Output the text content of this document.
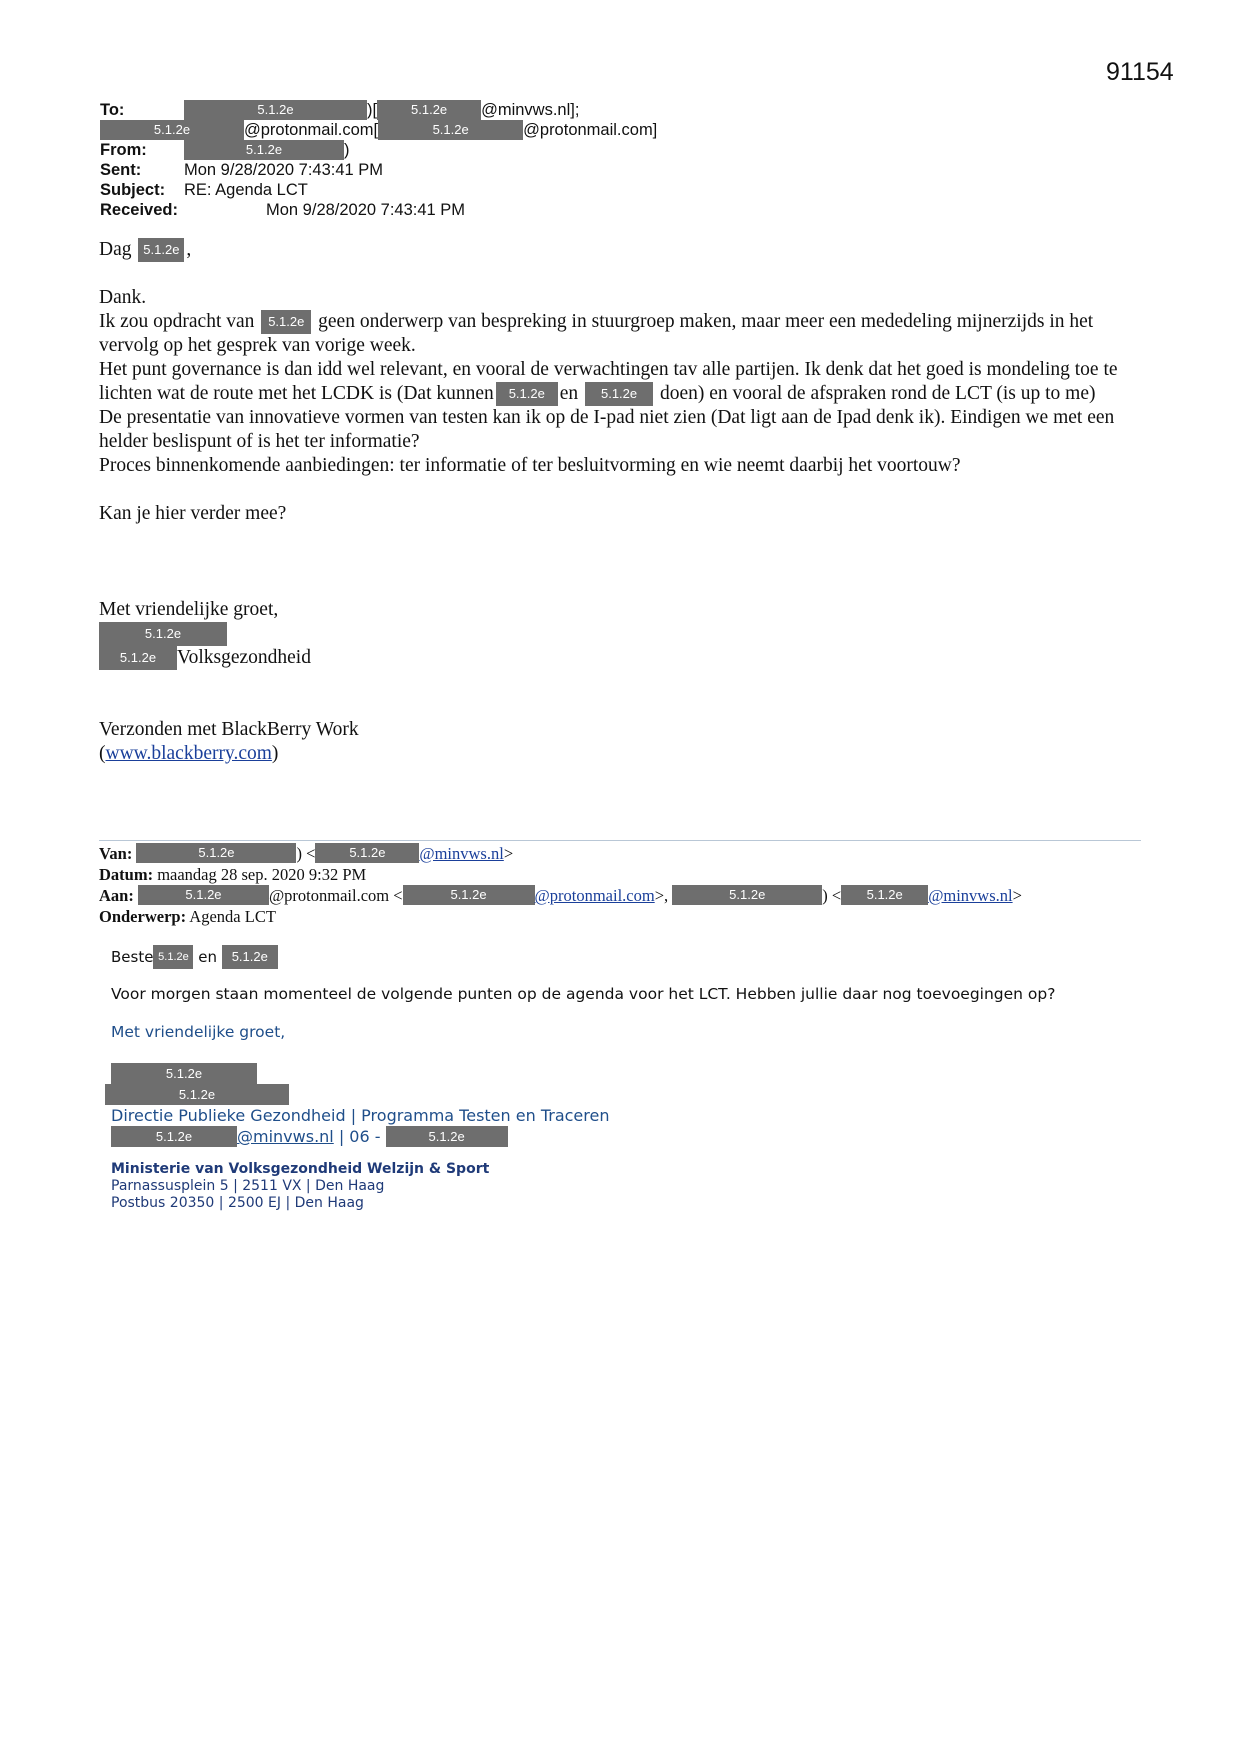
91154
To:	5.1.2e	)[	5.1.2e @minvws.nl];
5.1.2e	@protonmail.com[	5.1.2e	@protonmail.com]
From:	5.1.2e	)
Sent:	Mon 9/28/2020 7:43:41 PM
Subject: RE: Agenda LCT
Received:	Mon 9/28/2020 7:43:41 PM

Dag 5.1.2e ,

Dank.

Ik zou opdracht van 5.1.2e geen onderwerp van bespreking in stuurgroep maken, maar meer een mededeling mijnerzijds in het vervolg op het gesprek van vorige week.

Het punt governance is dan idd wel relevant, en vooral de verwachtingen tav alle partijen. Ik denk dat het goed is mondeling toe te lichten wat de route met het LCDK is (Dat kunnen 5.1.2e en 5.1.2e doen) en vooral de afspraken rond de LCT (is up to me)

De presentatie van innovatieve vormen van testen kan ik op de I-pad niet zien (Dat ligt aan de Ipad denk ik). Eindigen we met een helder beslispunt of is het ter informatie?

Proces binnenkomende aanbiedingen: ter informatie of ter besluitvorming en wie neemt daarbij het voortouw?

Kan je hier verder mee?

Met vriendelijke groet,

5.1.2e

5.1.2e Volksgezondheid

Verzonden met BlackBerry Work

(www.blackberry.com)

Van:	5.1.2e	) <	5.1.2e @minvws.nl>
Datum: maandag 28 sep. 2020 9:32 PM
Aan:	5.1.2e	@protonmail.com <	5.1.2e	@protonmail.com>,	5.1.2e	) < 5.1.2e @minvws.nl>
Onderwerp: Agenda LCT
Beste 5.1.2e en 5.1.2e
Voor morgen staan momenteel de volgende punten op de agenda voor het LCT. Hebben jullie daar nog toevoegingen op?
Met vriendelijke groet,
5.1.2e
5.1.2e
Directie Publieke Gezondheid | Programma Testen en Traceren
5.1.2e	@minvws.nl | 06 -	5.1.2e
Ministerie van Volksgezondheid Welzijn & Sport
Parnassusplein 5 | 2511 VX | Den Haag
Postbus 20350 | 2500 EJ | Den Haag
